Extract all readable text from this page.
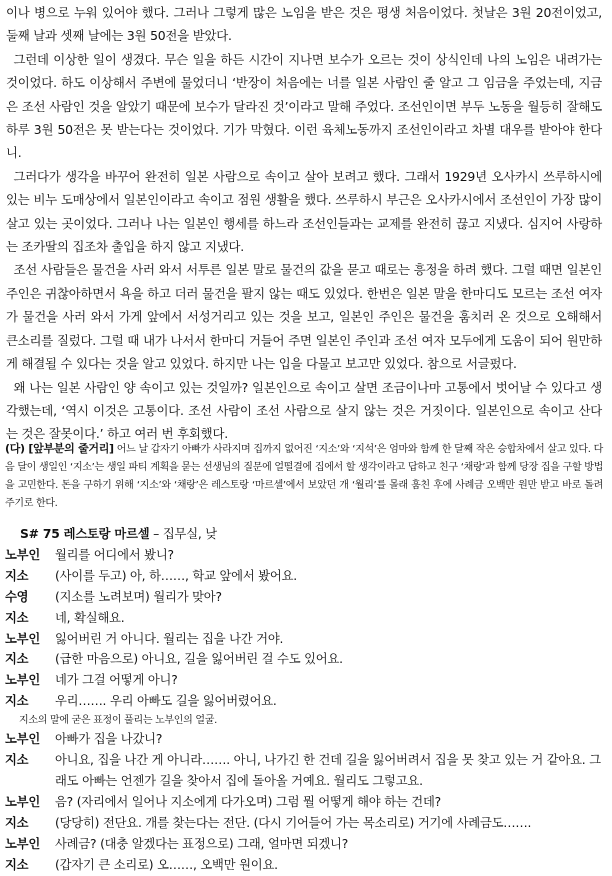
이나 병으로 누워 있어야 했다. 그러나 그렇게 많은 노임을 받은 것은 평생 처음이었다. 첫날은 3원 20전이었고, 둘째 날과 셋째 날에는 3원 50전을 받았다.

그런데 이상한 일이 생겼다. 무슨 일을 하든 시간이 지나면 보수가 오르는 것이 상식인데 나의 노임은 내려가는 것이었다. 하도 이상해서 주변에 물었더니 ‘반장이 처음에는 너를 일본 사람인 줄 알고 그 임금을 주었는데, 지금은 조선 사람인 것을 알았기 때문에 보수가 달라진 것’이라고 말해 주었다. 조선인이면 부두 노동을 월등히 잘해도 하루 3원 50전은 못 받는다는 것이었다. 기가 막혔다. 이런 육체노동까지 조선인이라고 차별 대우를 받아야 한다니.

그러다가 생각을 바꾸어 완전히 일본 사람으로 속이고 살아 보려고 했다. 그래서 1929년 오사카시 쓰루하시에 있는 비누 도매상에서 일본인이라고 속이고 점원 생활을 했다. 쓰루하시 부근은 오사카시에서 조선인이 가장 많이 살고 있는 곳이었다. 그러나 나는 일본인 행세를 하느라 조선인들과는 교제를 완전히 끊고 지냈다. 심지어 사랑하는 조카딸의 집조차 출입을 하지 않고 지냈다.

조선 사람들은 물건을 사러 와서 서투른 일본 말로 물건의 값을 묻고 때로는 흥정을 하려 했다. 그럴 때면 일본인 주인은 귀찮아하면서 욕을 하고 더러 물건을 팔지 않는 때도 있었다. 한번은 일본 말을 한마디도 모르는 조선 여자가 물건을 사러 와서 가게 앞에서 서성거리고 있는 것을 보고, 일본인 주인은 물건을 훔치러 온 것으로 오해해서 큰소리를 질렀다. 그럴 때 내가 나서서 한마디 거들어 주면 일본인 주인과 조선 여자 모두에게 도움이 되어 원만하게 해결될 수 있다는 것을 알고 있었다. 하지만 나는 입을 다물고 보고만 있었다. 참으로 서글펐다.

왜 나는 일본 사람인 양 속이고 있는 것일까? 일본인으로 속이고 살면 조금이나마 고통에서 벗어날 수 있다고 생각했는데, ‘역시 이것은 고통이다. 조선 사람이 조선 사람으로 살지 않는 것은 거짓이다. 일본인으로 속이고 산다는 것은 잘못이다.’ 하고 여러 번 후회했다.

(다) [앞부분의 줄거리] 어느 날 갑자기 아빠가 사라지며 집까지 없어진 ‘지소’와 ‘지석’은 엄마와 함께 한 달째 작은 승합차에서 살고 있다. 다음 달이 생일인 ‘지소’는 생일 파티 계획을 묻는 선생님의 질문에 얼떨결에 집에서 할 생각이라고 답하고 친구 ‘채랑’과 함께 당장 집을 구할 방법을 고민한다. 돈을 구하기 위해 ‘지소’와 ‘채랑’은 레스토랑 ‘마르셀’에서 보았던 개 ‘월리’를 몰래 훔친 후에 사례금 오백만 원만 받고 바로 돌려주기로 한다.
S# 75 레스토랑 마르셀 – 집무실, 낮
노부인	월리를 어디에서 봤니?
지소	(사이를 두고) 아, 하……, 학교 앞에서 봤어요.
수영	(지소를 노려보며) 월리가 맞아?
지소	네, 확실해요.
노부인	잃어버린 거 아니다. 월리는 집을 나간 거야.
지소	(급한 마음으로) 아니요, 길을 잃어버린 걸 수도 있어요.
노부인	네가 그걸 어떻게 아니?
지소	우리……. 우리 아빠도 길을 잃어버렸어요.
지소의 말에 굳은 표정이 풀리는 노부인의 얼굴.
노부인	아빠가 집을 나갔니?
지소	아니요, 집을 나간 게 아니라……. 아니, 나가긴 한 건데 길을 잃어버려서 집을 못 찾고 있는 거 같아요. 그래도 아빠는 언젠가 길을 찾아서 집에 돌아올 거예요. 월리도 그렇고요.
노부인	음? (자리에서 일어나 지소에게 다가오며) 그럼 뭘 어떻게 해야 하는 건데?
지소	(당당히) 전단요. 개를 찾는다는 전단. (다시 기어들어 가는 목소리로) 거기에 사례금도…….
노부인	사례금? (대충 알겠다는 표정으로) 그래, 얼마면 되겠니?
지소	(갑자기 큰 소리로) 오……, 오백만 원이요.
